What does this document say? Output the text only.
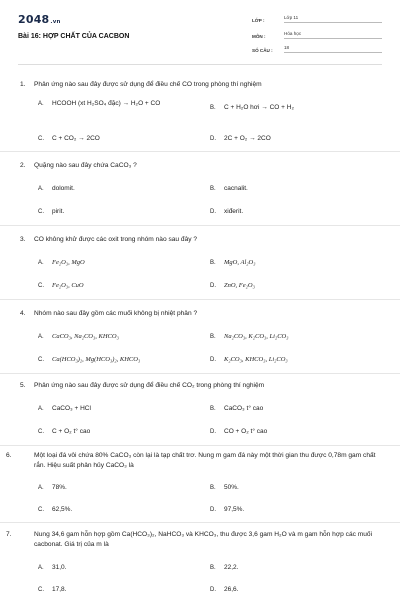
2048.vn
Bài 16: HỢP CHẤT CỦA CACBON
LỚP :
Lớp 11
MÔN :
Hóa học
SỐ CÂU :
18
1. Phản ứng nào sau đây được sử dụng để điều chế CO trong phòng thí nghiệm
A. HCOOH (xt H₂SO₄ đặc) → H₂O + CO
B. C + H₂O hơi → CO + H₂
C. C + CO₂ → 2CO	D. 2C + O₂ → 2CO
2. Quặng nào sau đây chứa CaCO₃ ?
A. dolomit.	B. cacnalit.
C. pirit.	D. xiđerit.
3. CO không khử được các oxit trong nhóm nào sau đây ?
A. Fe₂O₃, MgO	B. MgO, Al₂O₃
C. Fe₂O₃, CuO	D. ZnO, Fe₂O₃
4. Nhóm nào sau đây gồm các muối không bị nhiệt phân ?
A. CaCO₃, Na₂CO₃, KHCO₃	B. Na₂CO₃, K₂CO₃, Li₂CO₃
C. Ca(HCO₃)₂, Mg(HCO₃)₂, KHCO₃	D. K₂CO₃, KHCO₃, Li₂CO₃
5. Phản ứng nào sau đây được sử dụng để điều chế CO₂ trong phòng thí nghiệm
A. CaCO₃ + HCl	B. CaCO₃ t° cao
C. C + O₂ t° cao	D. CO + O₂ t° cao
6.	Một loại đá vôi chứa 80% CaCO₃ còn lại là tạp chất trơ. Nung m gam đá này một thời gian thu được 0,78m gam chất rắn. Hiệu suất phản hủy CaCO₃ là
A. 78%.	B. 50%.
C. 62,5%.	D. 97,5%.
7.	Nung 34,6 gam hỗn hợp gồm Ca(HCO₃)₂, NaHCO₃ và KHCO₃, thu được 3,6 gam H₂O và m gam hỗn hợp các muối cacbonat. Giá trị của m là
A. 31,0.	B. 22,2.
C. 17,8.	D. 26,6.
